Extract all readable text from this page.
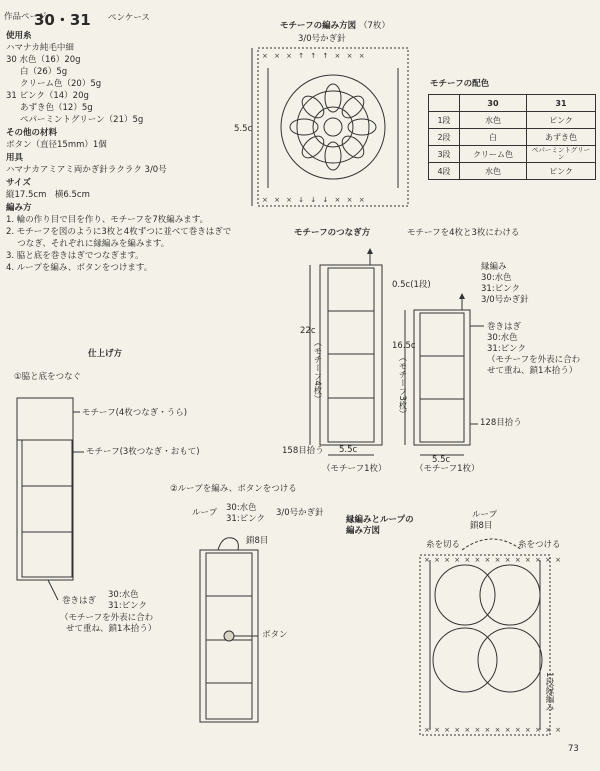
作品ページ
30・31 ペンケース
使用糸
ハマナカ純毛中細
30 水色（16）20g
白（26）5g
クリーム色（20）5g
31 ピンク（14）20g
あずき色（12）5g
ペパーミントグリーン（21）5g
その他の材料
ボタン（直径15mm）1個
用具
ハマナカアミアミ両かぎ針ラクラク 3/0号
サイズ
縦17.5cm　横6.5cm
編み方
1. 輪の作り目で目を作り、モチーフを7枚編みます。
2. モチーフを図のように3枚と4枚ずつに並べて巻きはぎで
　 つなぎ、それぞれに縁編みを編みます。
3. 脇と底を巻きはぎでつなぎます。
4. ループを編み、ボタンをつけます。
モチーフの編み方図 （7枚）
3/0号かぎ針
5.5c
× × × ↑ ↑ ↑ × × ×
× × × ↓ ↓ ↓ × × ×
× × × × × × × × × × × × × ×
× × × × × × × × × × × × × ×
モチーフの配色
	30	31
1段	水色	ピンク
2段	白	あずき色
3段	クリーム色	ペパーミントグリーン
4段	水色	ピンク
モチーフのつなぎ方	モチーフを4枚と3枚にわける
22c
（モチーフ4枚）
158目拾う 5.5c
（モチーフ1枚）
0.5c(1段)
16.5c
（モチーフ3枚）
128目拾う
5.5c
（モチーフ1枚）
縁編み
30:水色
31:ピンク
3/0号かぎ針
巻きはぎ
30:水色
31:ピンク
（モチーフを外表に合わ
せて重ね、鎖1本拾う）
仕上げ方
①脇と底をつなぐ
モチーフ(4枚つなぎ・うら)
モチーフ(3枚つなぎ・おもて)
巻きはぎ
30:水色
31:ピンク
（モチーフを外表に合わ
せて重ね、鎖1本拾う）
②ループを編み、ボタンをつける
ループ 30:水色
31:ピンク
3/0号かぎ針
鎖8目
ボタン
縁編みとループの
編み方図
ループ
鎖8目
糸を切る	糸をつける
1段縁編み
73
